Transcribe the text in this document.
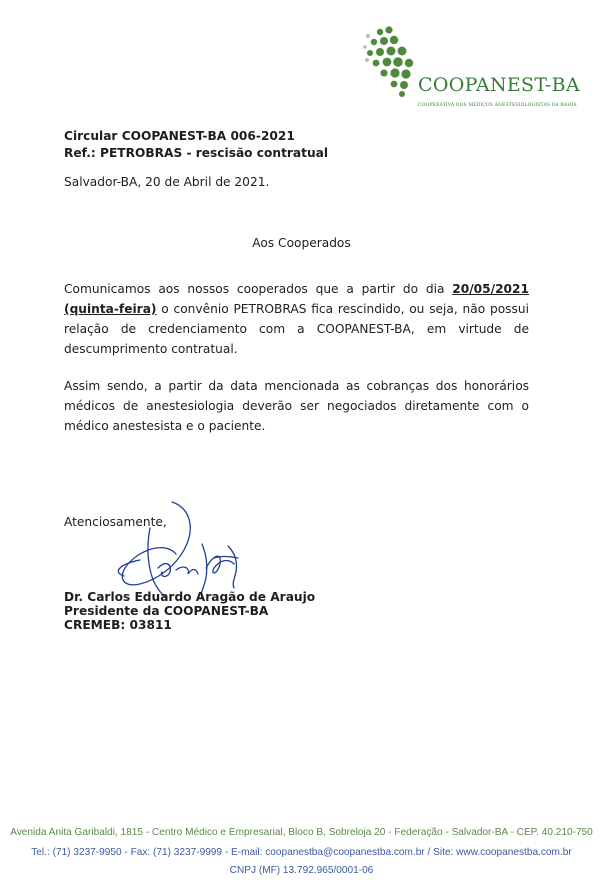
COOPANEST-BA
COOPERATIVA DOS MÉDICOS ANESTESIOLOGISTAS DA BAHIA
Circular COOPANEST-BA 006-2021
Ref.: PETROBRAS - rescisão contratual
Salvador-BA, 20 de Abril de 2021.
Aos Cooperados
Comunicamos aos nossos cooperados que a partir do dia 20/05/2021 (quinta-feira) o convênio PETROBRAS fica rescindido, ou seja, não possui relação de credenciamento com a COOPANEST-BA, em virtude de descumprimento contratual.
Assim sendo, a partir da data mencionada as cobranças dos honorários médicos de anestesiologia deverão ser negociados diretamente com o médico anestesista e o paciente.
Atenciosamente,
Dr. Carlos Eduardo Aragão de Araujo
Presidente da COOPANEST-BA
CREMEB: 03811
Avenida Anita Garibaldi, 1815 - Centro Médico e Empresarial, Bloco B, Sobreloja 20 - Federação - Salvador-BA - CEP. 40.210-750
Tel.: (71) 3237-9950 - Fax: (71) 3237-9999 - E-mail: coopanestba@coopanestba.com.br / Site: www.coopanestba.com.br
CNPJ (MF) 13.792.965/0001-06
